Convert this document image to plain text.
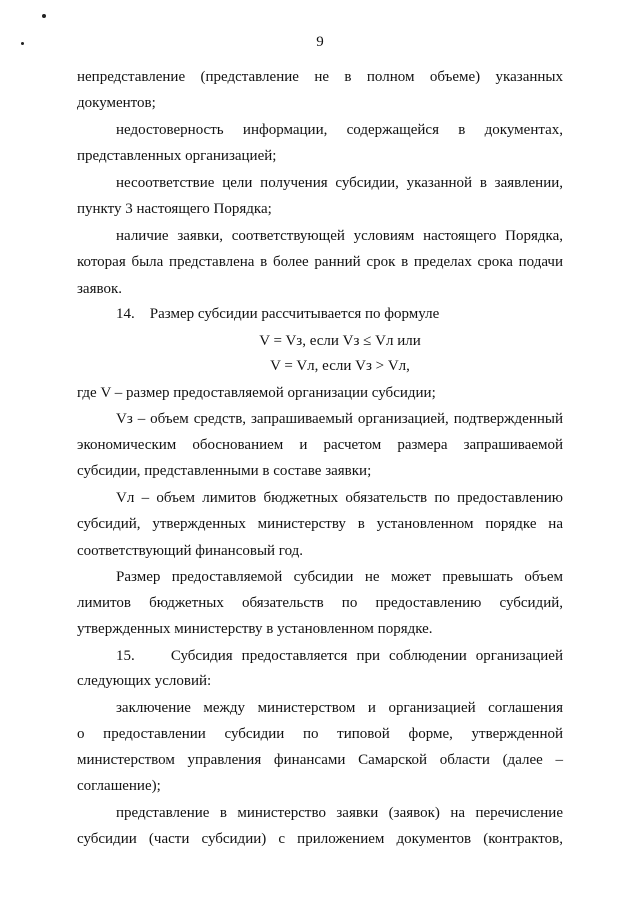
9
непредставление (представление не в полном объеме) указанных
документов;
недостоверность информации, содержащейся в документах,
представленных организацией;
несоответствие цели получения субсидии, указанной в заявлении,
пункту 3 настоящего Порядка;
наличие заявки, соответствующей условиям настоящего Порядка,
которая была представлена в более ранний срок в пределах срока подачи
заявок.
14.    Размер субсидии рассчитывается по формуле
V = Vз, если Vз ≤ Vл или
V = Vл, если Vз > Vл,
где V – размер предоставляемой организации субсидии;
Vз – объем средств, запрашиваемый организацией, подтвержденный
экономическим обоснованием и расчетом размера запрашиваемой
субсидии, представленными в составе заявки;
Vл – объем лимитов бюджетных обязательств по предоставлению
субсидий, утвержденных министерству в установленном порядке на
соответствующий финансовый год.
Размер предоставляемой субсидии не может превышать объем
лимитов бюджетных обязательств по предоставлению субсидий,
утвержденных министерству в установленном порядке.
15.    Субсидия предоставляется при соблюдении организацией
следующих условий:
заключение между министерством и организацией соглашения
о предоставлении субсидии по типовой форме, утвержденной
министерством управления финансами Самарской области (далее –
соглашение);
представление в министерство заявки (заявок) на перечисление
субсидии (части субсидии) с приложением документов (контрактов,
